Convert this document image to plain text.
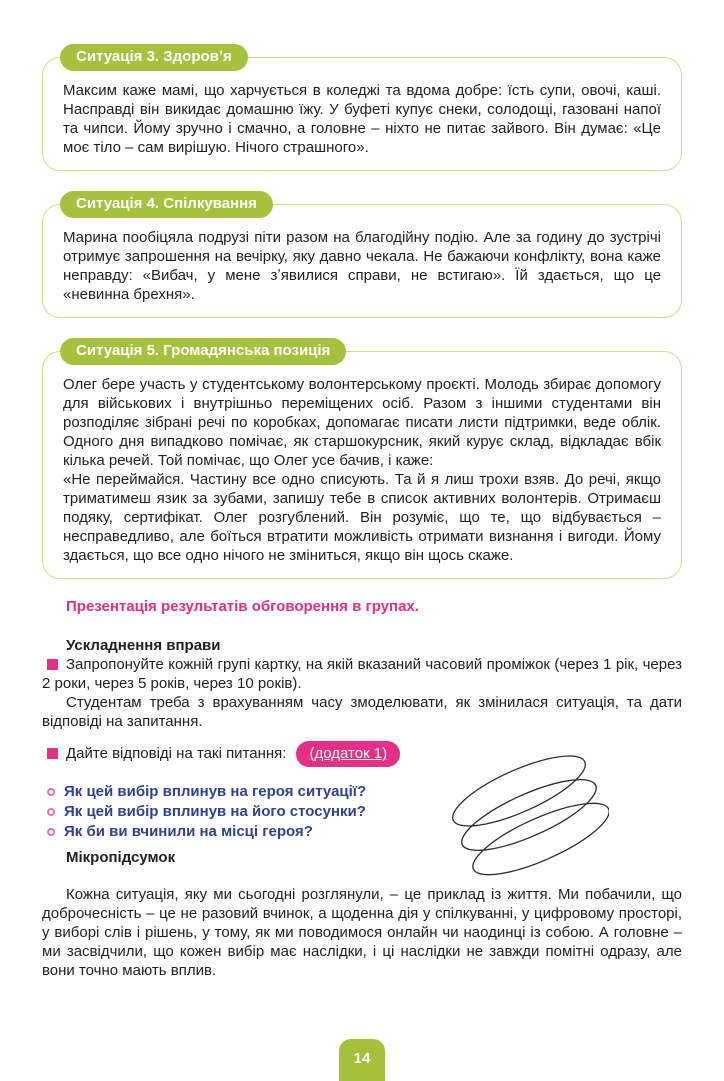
Ситуація 3. Здоровʼя

Максим каже мамі, що харчується в коледжі та вдома добре: їсть супи, овочі, каші. Насправді він викидає домашню їжу. У буфеті купує снеки, солодощі, газовані напої та чипси. Йому зручно і смачно, а головне – ніхто не питає зайвого. Він думає: «Це моє тіло – сам вирішую. Нічого страшного».

Ситуація 4. Спілкування

Марина пообіцяла подрузі піти разом на благодійну подію. Але за годину до зустрічі отримує запрошення на вечірку, яку давно чекала. Не бажаючи конфлікту, вона каже неправду: «Вибач, у мене зʼявилися справи, не встигаю». Їй здається, що це «невинна брехня».

Ситуація 5. Громадянська позиція

Олег бере участь у студентському волонтерському проєкті. Молодь збирає допомогу для військових і внутрішньо переміщених осіб. Разом з іншими студентами він розподіляє зібрані речі по коробках, допомагає писати листи підтримки, веде облік. Одного дня випадково помічає, як старшокурсник, який курує склад, відкладає вбік кілька речей. Той помічає, що Олег усе бачив, і каже:

«Не переймайся. Частину все одно списують. Та й я лиш трохи взяв. До речі, якщо триматимеш язик за зубами, запишу тебе в список активних волонтерів. Отримаєш подяку, сертифікат. Олег розгублений. Він розуміє, що те, що відбувається – несправедливо, але боїться втратити можливість отримати визнання і вигоди. Йому здається, що все одно нічого не зміниться, якщо він щось скаже.

Презентація результатів обговорення в групах.

Ускладнення вправи

Запропонуйте кожній групі картку, на якій вказаний часовий проміжок (через 1 рік, через 2 роки, через 5 років, через 10 років).

Студентам треба з врахуванням часу змоделювати, як змінилася ситуація, та дати відповіді на запитання.

Дайте відповіді на такі питання: (додаток 1)

Як цей вибір вплинув на героя ситуації?
Як цей вибір вплинув на його стосунки?
Як би ви вчинили на місці героя?

Мікропідсумок

Кожна ситуація, яку ми сьогодні розглянули, – це приклад із життя. Ми побачили, що доброчесність – це не разовий вчинок, а щоденна дія у спілкуванні, у цифровому просторі, у виборі слів і рішень, у тому, як ми поводимося онлайн чи наодинці із собою. А головне – ми засвідчили, що кожен вибір має наслідки, і ці наслідки не завжди помітні одразу, але вони точно мають вплив.

14
